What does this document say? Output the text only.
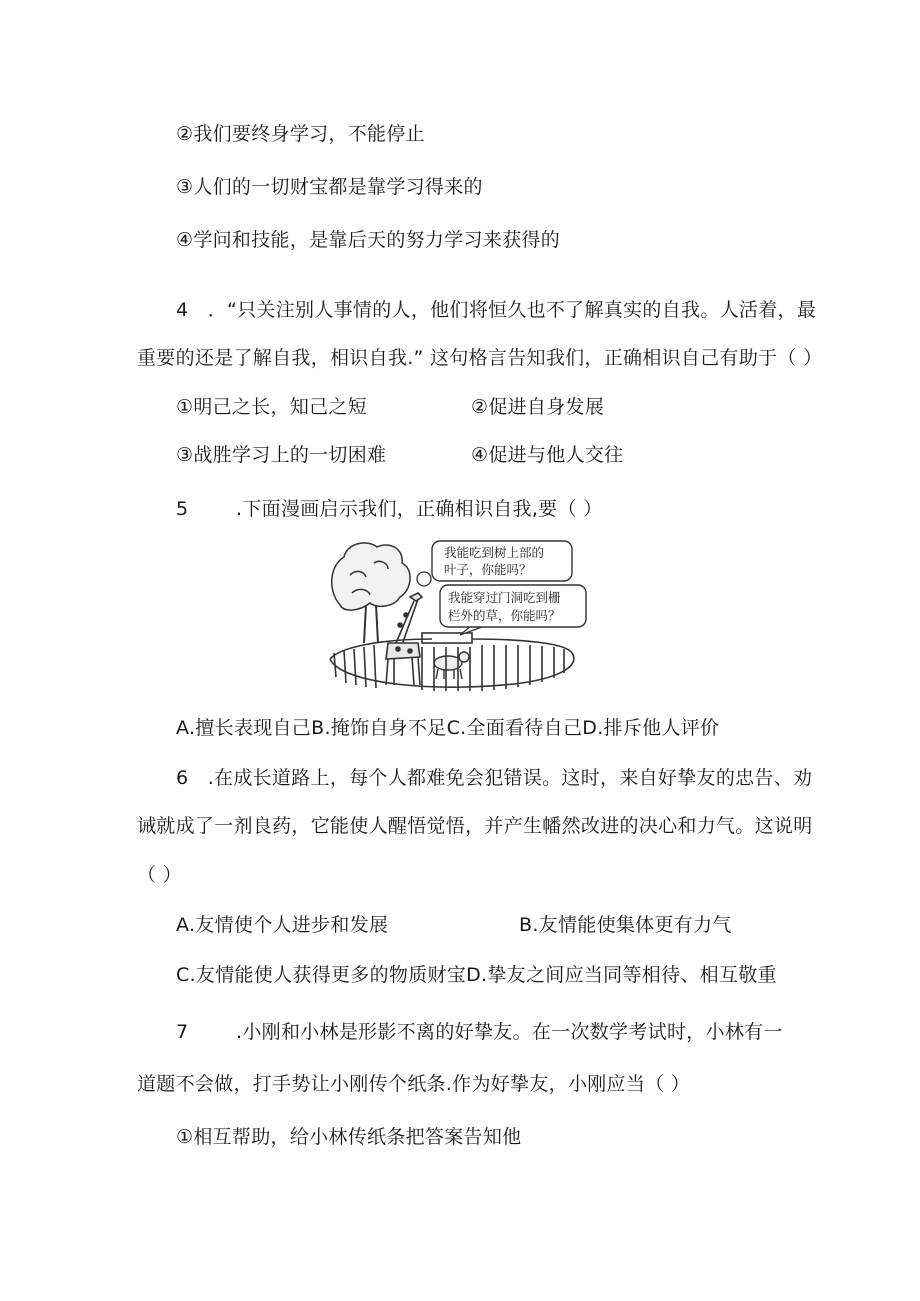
②我们要终身学习，不能停止
③人们的一切财宝都是靠学习得来的
④学问和技能，是靠后天的努力学习来获得的
4　．“只关注别人事情的人，他们将恒久也不了解真实的自我。人活着，最
重要的还是了解自我，相识自我.” 这句格言告知我们，正确相识自己有助于（ ）
①明己之长，知己之短	②促进自身发展
③战胜学习上的一切困难	④促进与他人交往
5	.下面漫画启示我们，正确相识自我,要（ ）
我能吃到树上部的
叶子，你能吗？
我能穿过门洞吃到栅
栏外的草，你能吗？
A.擅长表现自己B.掩饰自身不足C.全面看待自己D.排斥他人评价
6　.在成长道路上，每个人都难免会犯错误。这时，来自好挚友的忠告、劝
诫就成了一剂良药，它能使人醒悟觉悟，并产生幡然改进的决心和力气。这说明
（ ）
A.友情使个人进步和发展	B.友情能使集体更有力气
C.友情能使人获得更多的物质财宝D.挚友之间应当同等相待、相互敬重
7	.小刚和小林是形影不离的好挚友。在一次数学考试时，小林有一
道题不会做，打手势让小刚传个纸条.作为好挚友，小刚应当（ ）
①相互帮助，给小林传纸条把答案告知他
